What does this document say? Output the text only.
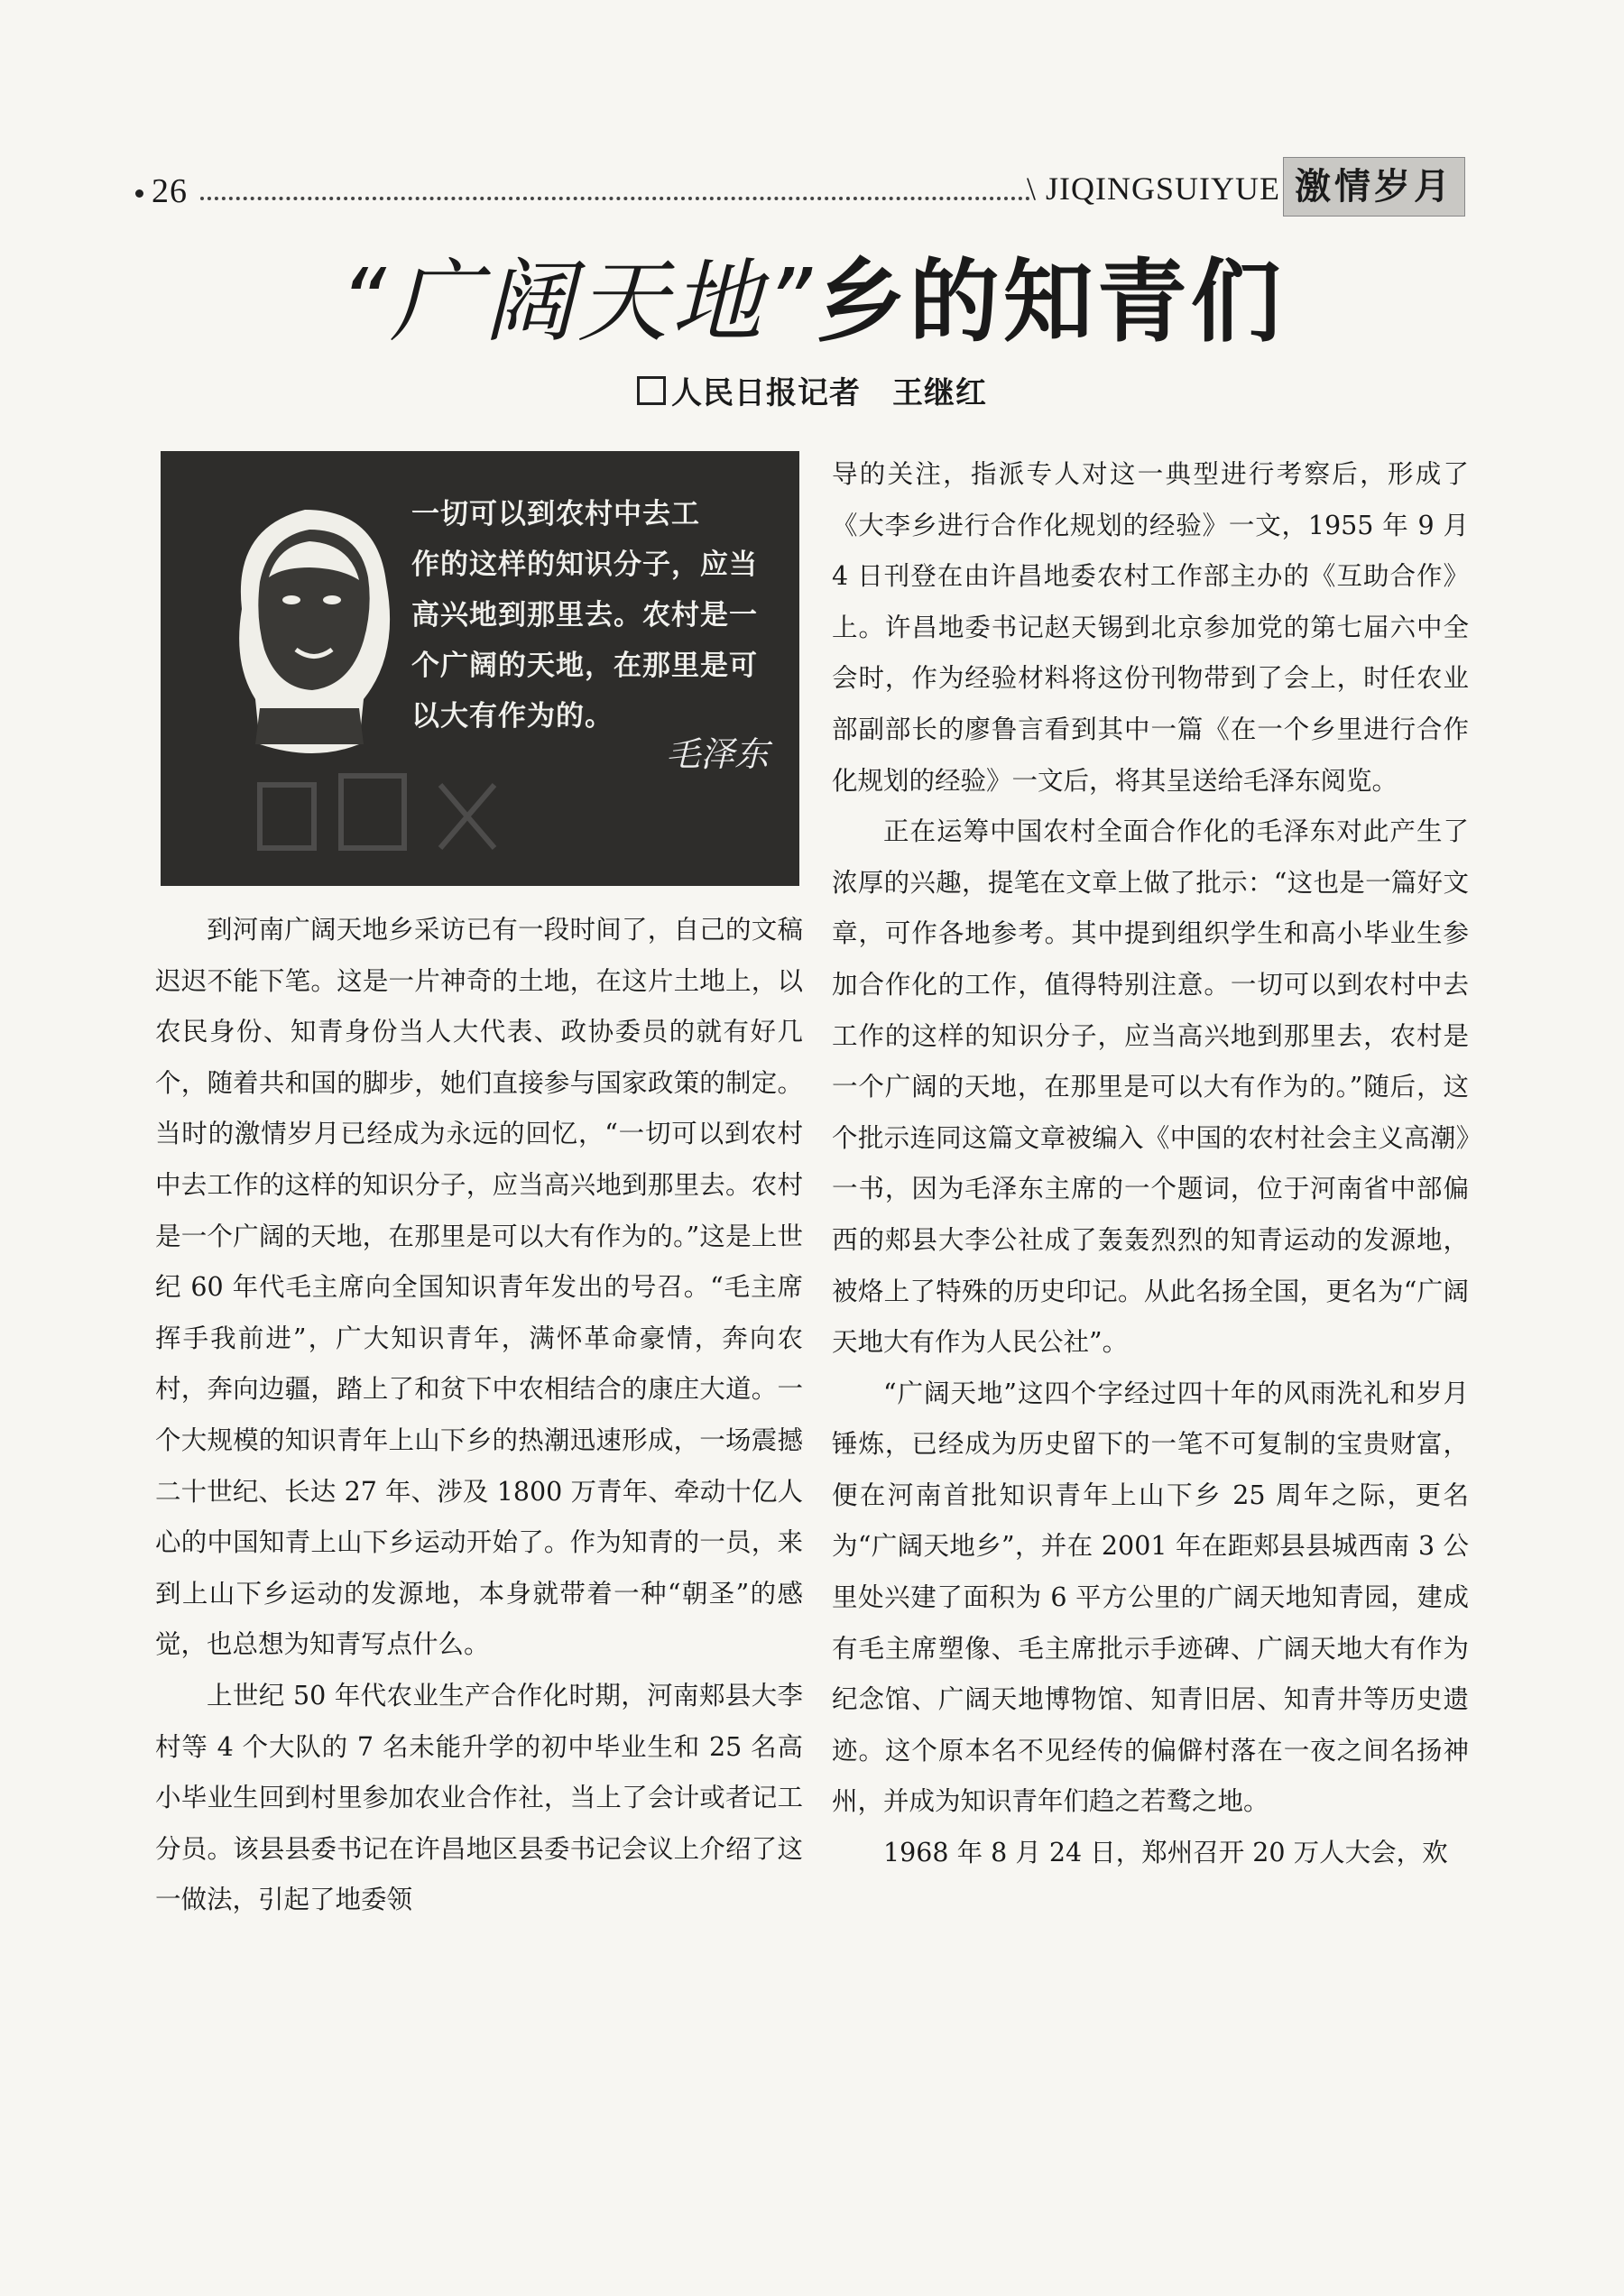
26	\ JIQINGSUIYUE 激情岁月
“广阔天地”乡的知青们
人民日报记者　王继红
一切可以到农村中去工
作的这样的知识分子，应当
高兴地到那里去。农村是一
个广阔的天地，在那里是可
以大有作为的。
毛泽东

到河南广阔天地乡采访已有一段时间了，自己的文稿迟迟不能下笔。这是一片神奇的土地，在这片土地上，以农民身份、知青身份当人大代表、政协委员的就有好几个，随着共和国的脚步，她们直接参与国家政策的制定。当时的激情岁月已经成为永远的回忆，“一切可以到农村中去工作的这样的知识分子，应当高兴地到那里去。农村是一个广阔的天地，在那里是可以大有作为的。”这是上世纪 60 年代毛主席向全国知识青年发出的号召。“毛主席挥手我前进”，广大知识青年，满怀革命豪情，奔向农村，奔向边疆，踏上了和贫下中农相结合的康庄大道。一个大规模的知识青年上山下乡的热潮迅速形成，一场震撼二十世纪、长达 27 年、涉及 1800 万青年、牵动十亿人心的中国知青上山下乡运动开始了。作为知青的一员，来到上山下乡运动的发源地，本身就带着一种“朝圣”的感觉，也总想为知青写点什么。

上世纪 50 年代农业生产合作化时期，河南郏县大李村等 4 个大队的 7 名未能升学的初中毕业生和 25 名高小毕业生回到村里参加农业合作社，当上了会计或者记工分员。该县县委书记在许昌地区县委书记会议上介绍了这一做法，引起了地委领

导的关注，指派专人对这一典型进行考察后，形成了《大李乡进行合作化规划的经验》一文，1955 年 9 月 4 日刊登在由许昌地委农村工作部主办的《互助合作》上。许昌地委书记赵天锡到北京参加党的第七届六中全会时，作为经验材料将这份刊物带到了会上，时任农业部副部长的廖鲁言看到其中一篇《在一个乡里进行合作化规划的经验》一文后，将其呈送给毛泽东阅览。

正在运筹中国农村全面合作化的毛泽东对此产生了浓厚的兴趣，提笔在文章上做了批示：“这也是一篇好文章，可作各地参考。其中提到组织学生和高小毕业生参加合作化的工作，值得特别注意。一切可以到农村中去工作的这样的知识分子，应当高兴地到那里去，农村是一个广阔的天地，在那里是可以大有作为的。”随后，这个批示连同这篇文章被编入《中国的农村社会主义高潮》一书，因为毛泽东主席的一个题词，位于河南省中部偏西的郏县大李公社成了轰轰烈烈的知青运动的发源地，被烙上了特殊的历史印记。从此名扬全国，更名为“广阔天地大有作为人民公社”。

“广阔天地”这四个字经过四十年的风雨洗礼和岁月锤炼，已经成为历史留下的一笔不可复制的宝贵财富，便在河南首批知识青年上山下乡 25 周年之际，更名为“广阔天地乡”，并在 2001 年在距郏县县城西南 3 公里处兴建了面积为 6 平方公里的广阔天地知青园，建成有毛主席塑像、毛主席批示手迹碑、广阔天地大有作为纪念馆、广阔天地博物馆、知青旧居、知青井等历史遗迹。这个原本名不见经传的偏僻村落在一夜之间名扬神州，并成为知识青年们趋之若鹜之地。

1968 年 8 月 24 日，郑州召开 20 万人大会，欢
